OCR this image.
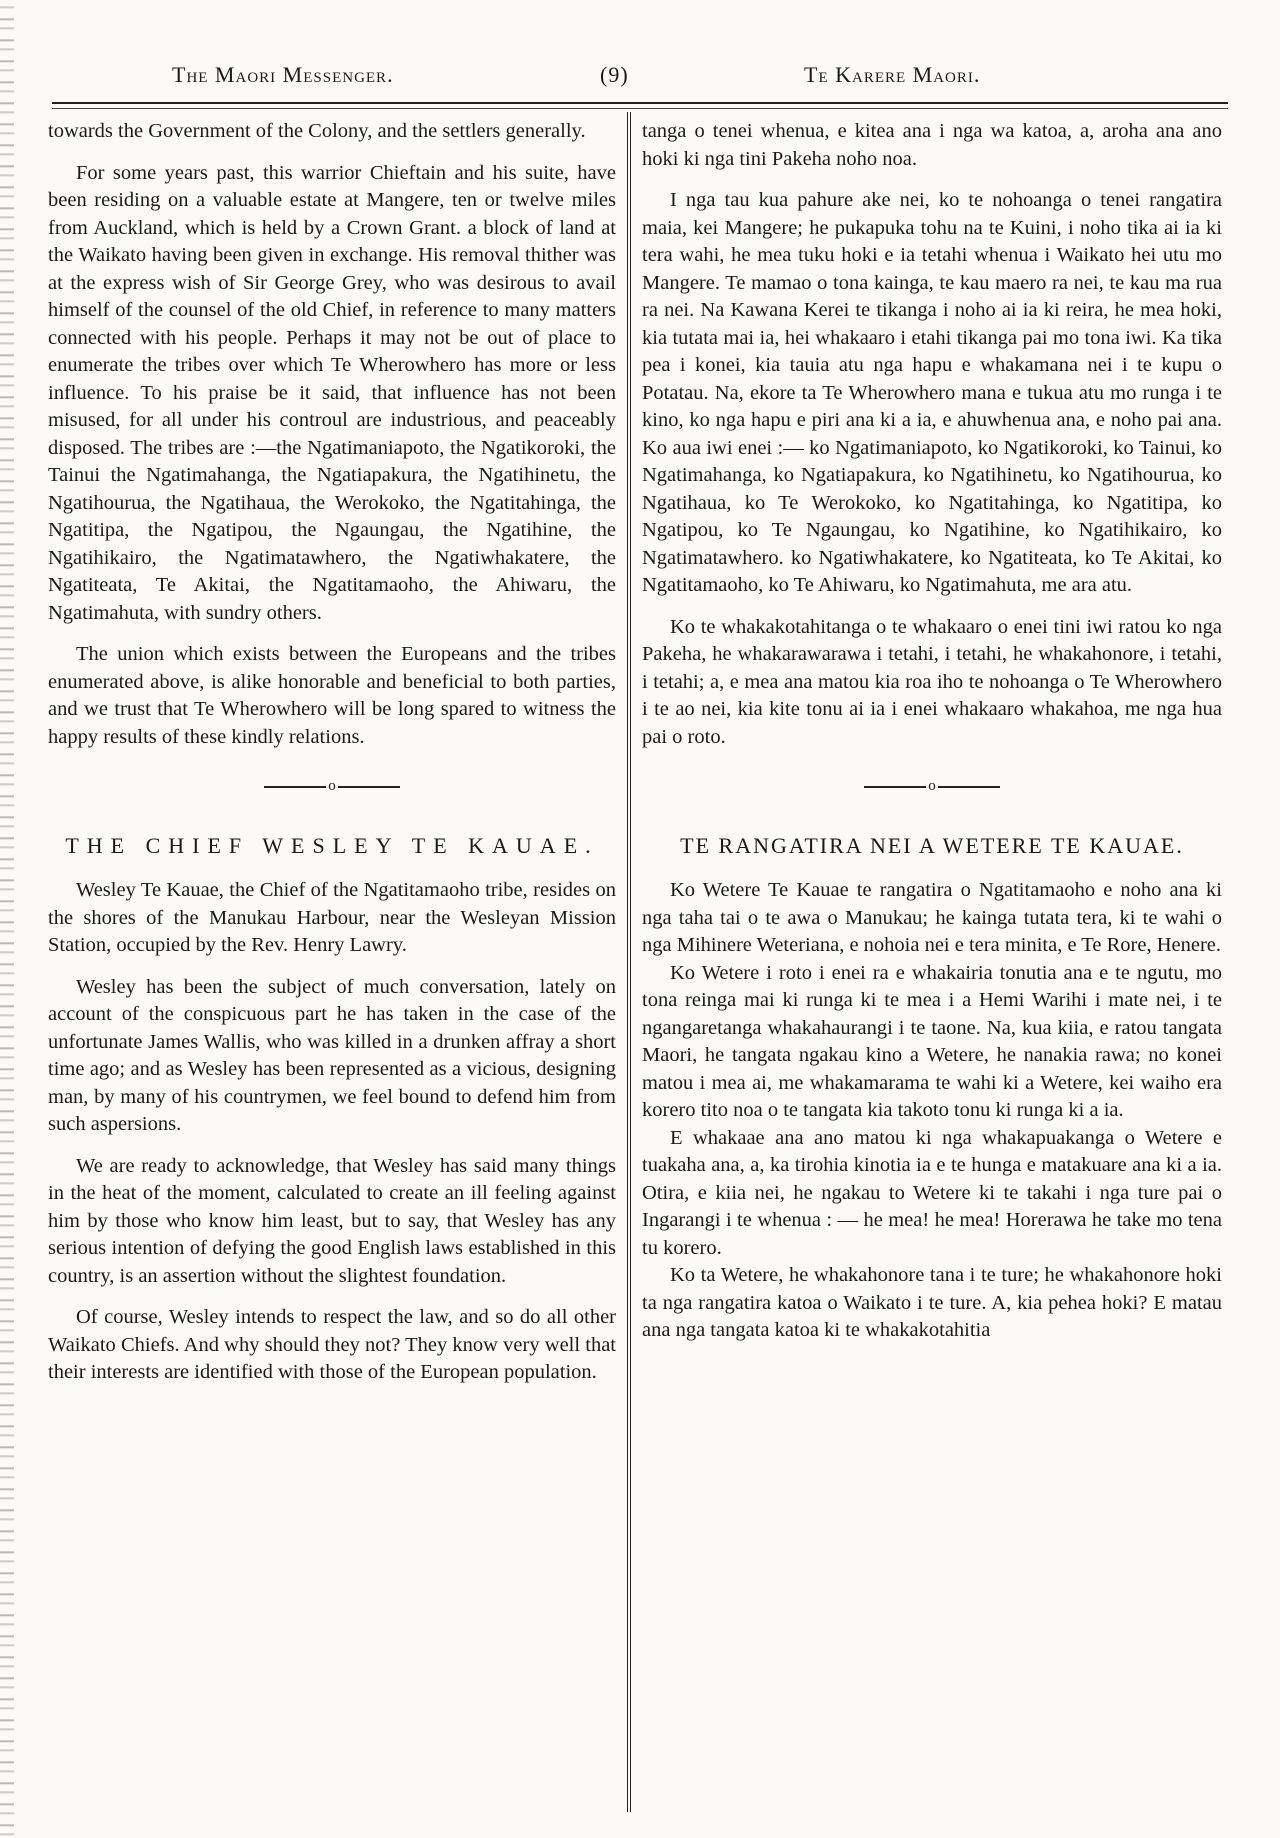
The Maori Messenger.	(9)	Te Karere Maori.

towards the Government of the Colony, and the settlers generally.

For some years past, this warrior Chieftain and his suite, have been residing on a valuable estate at Mangere, ten or twelve miles from Auckland, which is held by a Crown Grant. a block of land at the Waikato having been given in exchange. His removal thither was at the express wish of Sir George Grey, who was desirous to avail himself of the counsel of the old Chief, in reference to many matters connected with his people. Perhaps it may not be out of place to enumerate the tribes over which Te Wherowhero has more or less influence. To his praise be it said, that influence has not been misused, for all under his controul are industrious, and peaceably disposed. The tribes are :—the Ngatimaniapoto, the Ngatikoroki, the Tainui the Ngatimahanga, the Ngatiapakura, the Ngatihinetu, the Ngatihourua, the Ngatihaua, the Werokoko, the Ngatitahinga, the Ngatitipa, the Ngatipou, the Ngaungau, the Ngatihine, the Ngatihikairo, the Ngatimatawhero, the Ngatiwhakatere, the Ngatiteata, Te Akitai, the Ngatitamaoho, the Ahiwaru, the Ngatimahuta, with sundry others.

The union which exists between the Europeans and the tribes enumerated above, is alike honorable and beneficial to both parties, and we trust that Te Wherowhero will be long spared to witness the happy results of these kindly relations.

o
THE CHIEF WESLEY TE KAUAE.

Wesley Te Kauae, the Chief of the Ngatitamaoho tribe, resides on the shores of the Manukau Harbour, near the Wesleyan Mission Station, occupied by the Rev. Henry Lawry.

Wesley has been the subject of much conversation, lately on account of the conspicuous part he has taken in the case of the unfortunate James Wallis, who was killed in a drunken affray a short time ago; and as Wesley has been represented as a vicious, designing man, by many of his countrymen, we feel bound to defend him from such aspersions.

We are ready to acknowledge, that Wesley has said many things in the heat of the moment, calculated to create an ill feeling against him by those who know him least, but to say, that Wesley has any serious intention of defying the good English laws established in this country, is an assertion without the slightest foundation.

Of course, Wesley intends to respect the law, and so do all other Waikato Chiefs. And why should they not? They know very well that their interests are identified with those of the European population.

tanga o tenei whenua, e kitea ana i nga wa katoa, a, aroha ana ano hoki ki nga tini Pakeha noho noa.

I nga tau kua pahure ake nei, ko te nohoanga o tenei rangatira maia, kei Mangere; he pukapuka tohu na te Kuini, i noho tika ai ia ki tera wahi, he mea tuku hoki e ia tetahi whenua i Waikato hei utu mo Mangere. Te mamao o tona kainga, te kau maero ra nei, te kau ma rua ra nei. Na Kawana Kerei te tikanga i noho ai ia ki reira, he mea hoki, kia tutata mai ia, hei whakaaro i etahi tikanga pai mo tona iwi. Ka tika pea i konei, kia tauia atu nga hapu e whakamana nei i te kupu o Potatau. Na, ekore ta Te Wherowhero mana e tukua atu mo runga i te kino, ko nga hapu e piri ana ki a ia, e ahuwhenua ana, e noho pai ana. Ko aua iwi enei :— ko Ngatimaniapoto, ko Ngatikoroki, ko Tainui, ko Ngatimahanga, ko Ngatiapakura, ko Ngatihinetu, ko Ngatihourua, ko Ngatihaua, ko Te Werokoko, ko Ngatitahinga, ko Ngatitipa, ko Ngatipou, ko Te Ngaungau, ko Ngatihine, ko Ngatihikairo, ko Ngatimatawhero. ko Ngatiwhakatere, ko Ngatiteata, ko Te Akitai, ko Ngatitamaoho, ko Te Ahiwaru, ko Ngatimahuta, me ara atu.

Ko te whakakotahitanga o te whakaaro o enei tini iwi ratou ko nga Pakeha, he whakarawarawa i tetahi, i tetahi, he whakahonore, i tetahi, i tetahi; a, e mea ana matou kia roa iho te nohoanga o Te Wherowhero i te ao nei, kia kite tonu ai ia i enei whakaaro whakahoa, me nga hua pai o roto.

o
TE RANGATIRA NEI A WETERE TE KAUAE.

Ko Wetere Te Kauae te rangatira o Ngatitamaoho e noho ana ki nga taha tai o te awa o Manukau; he kainga tutata tera, ki te wahi o nga Mihinere Weteriana, e nohoia nei e tera minita, e Te Rore, Henere.

Ko Wetere i roto i enei ra e whakairia tonutia ana e te ngutu, mo tona reinga mai ki runga ki te mea i a Hemi Warihi i mate nei, i te ngangaretanga whakahaurangi i te taone. Na, kua kiia, e ratou tangata Maori, he tangata ngakau kino a Wetere, he nanakia rawa; no konei matou i mea ai, me whakamarama te wahi ki a Wetere, kei waiho era korero tito noa o te tangata kia takoto tonu ki runga ki a ia.

E whakaae ana ano matou ki nga whakapuakanga o Wetere e tuakaha ana, a, ka tirohia kinotia ia e te hunga e matakuare ana ki a ia. Otira, e kiia nei, he ngakau to Wetere ki te takahi i nga ture pai o Ingarangi i te whenua : — he mea! he mea! Horerawa he take mo tena tu korero.

Ko ta Wetere, he whakahonore tana i te ture; he whakahonore hoki ta nga rangatira katoa o Waikato i te ture. A, kia pehea hoki? E matau ana nga tangata katoa ki te whakakotahitia
